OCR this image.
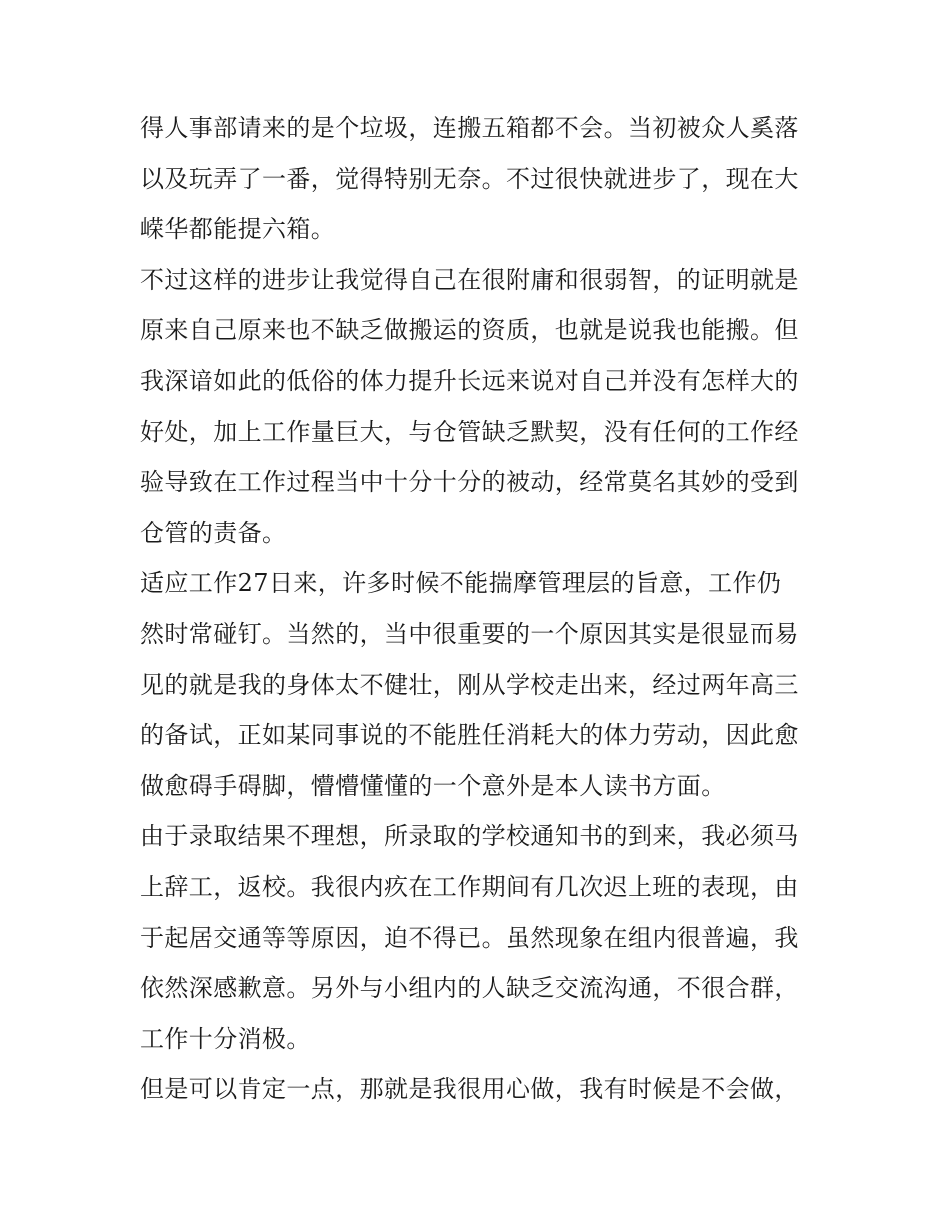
得人事部请来的是个垃圾，连搬五箱都不会。当初被众人奚落
以及玩弄了一番，觉得特别无奈。不过很快就进步了，现在大
嵘华都能提六箱。
不过这样的进步让我觉得自己在很附庸和很弱智，的证明就是
原来自己原来也不缺乏做搬运的资质，也就是说我也能搬。但
我深谙如此的低俗的体力提升长远来说对自己并没有怎样大的
好处，加上工作量巨大，与仓管缺乏默契，没有任何的工作经
验导致在工作过程当中十分十分的被动，经常莫名其妙的受到
仓管的责备。
适应工作27日来，许多时候不能揣摩管理层的旨意，工作仍
然时常碰钉。当然的，当中很重要的一个原因其实是很显而易
见的就是我的身体太不健壮，刚从学校走出来，经过两年高三
的备试，正如某同事说的不能胜任消耗大的体力劳动，因此愈
做愈碍手碍脚，懵懵懂懂的一个意外是本人读书方面。
由于录取结果不理想，所录取的学校通知书的到来，我必须马
上辞工，返校。我很内疚在工作期间有几次迟上班的表现，由
于起居交通等等原因，迫不得已。虽然现象在组内很普遍，我
依然深感歉意。另外与小组内的人缺乏交流沟通，不很合群，
工作十分消极。
但是可以肯定一点，那就是我很用心做，我有时候是不会做，
